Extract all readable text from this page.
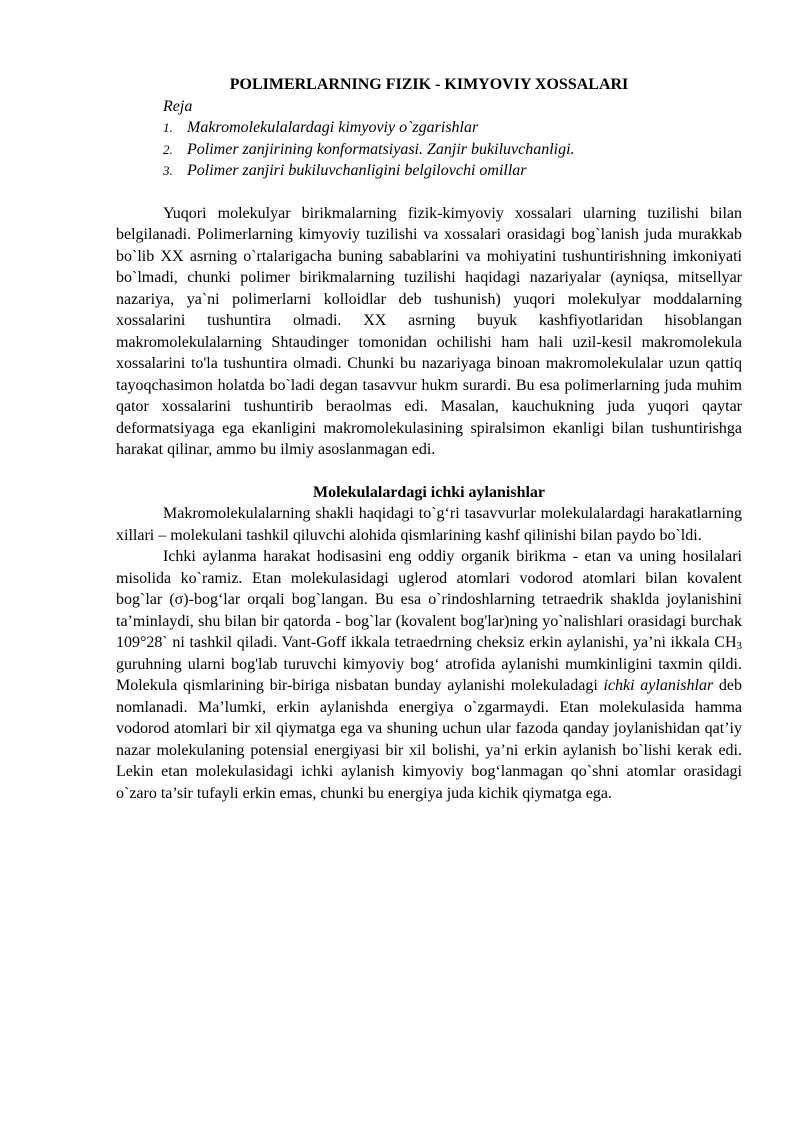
POLIMERLARNING FIZIK - KIMYOVIY XOSSALARI
Reja
1. Makromolekulalardagi kimyoviy o`zgarishlar
2. Polimer zanjirining konformatsiyasi. Zanjir bukiluvchanligi.
3. Polimer zanjiri bukiluvchanligini belgilovchi omillar

Yuqori molekulyar birikmalarning fizik-kimyoviy xossalari ularning tuzilishi bilan belgilanadi. Polimerlarning kimyoviy tuzilishi va xossalari orasidagi bog`lanish juda murakkab bo`lib XX asrning o`rtalarigacha buning sabablarini va mohiyatini tushuntirishning imkoniyati bo`lmadi, chunki polimer birikmalarning tuzilishi haqidagi nazariyalar (ayniqsa, mitsellyar nazariya, ya`ni polimerlarni kolloidlar deb tushunish) yuqori molekulyar moddalarning xossalarini tushuntira olmadi. XX asrning buyuk kashfiyotlaridan hisoblangan makromolekulalarning Shtaudinger tomonidan ochilishi ham hali uzil-kesil makromolekula xossalarini to'la tushuntira olmadi. Chunki bu nazariyaga binoan makromolekulalar uzun qattiq tayoqchasimon holatda bo`ladi degan tasavvur hukm surardi. Bu esa polimerlarning juda muhim qator xossalarini tushuntirib beraolmas edi. Masalan, kauchukning juda yuqori qaytar deformatsiyaga ega ekanligini makromolekulasining spiralsimon ekanligi bilan tushuntirishga harakat qilinar, ammo bu ilmiy asoslanmagan edi.

Molekulalardagi ichki aylanishlar

Makromolekulalarning shakli haqidagi to`g‘ri tasavvurlar molekulalardagi harakatlarning xillari – molekulani tashkil qiluvchi alohida qismlarining kashf qilinishi bilan paydo bo`ldi.

Ichki aylanma harakat hodisasini eng oddiy organik birikma - etan va uning hosilalari misolida ko`ramiz. Etan molekulasidagi uglerod atomlari vodorod atomlari bilan kovalent bog`lar (σ)-bog‘lar orqali bog`langan. Bu esa o`rindoshlarning tetraedrik shaklda joylanishini ta’minlaydi, shu bilan bir qatorda - bog`lar (kovalent bog'lar)ning yo`nalishlari orasidagi burchak 109°28` ni tashkil qiladi. Vant-Goff ikkala tetraedrning cheksiz erkin aylanishi, ya’ni ikkala $CH_3$ guruhning ularni bog'lab turuvchi kimyoviy bog‘ atrofida aylanishi mumkinligini taxmin qildi. Molekula qismlarining bir-biriga nisbatan bunday aylanishi molekuladagi ichki aylanishlar deb nomlanadi. Ma’lumki, erkin aylanishda energiya o`zgarmaydi. Etan molekulasida hamma vodorod atomlari bir xil qiymatga ega va shuning uchun ular fazoda qanday joylanishidan qat’iy nazar molekulaning potensial energiyasi bir xil bolishi, ya’ni erkin aylanish bo`lishi kerak edi. Lekin etan molekulasidagi ichki aylanish kimyoviy bog‘lanmagan qo`shni atomlar orasidagi o`zaro ta’sir tufayli erkin emas, chunki bu energiya juda kichik qiymatga ega.
